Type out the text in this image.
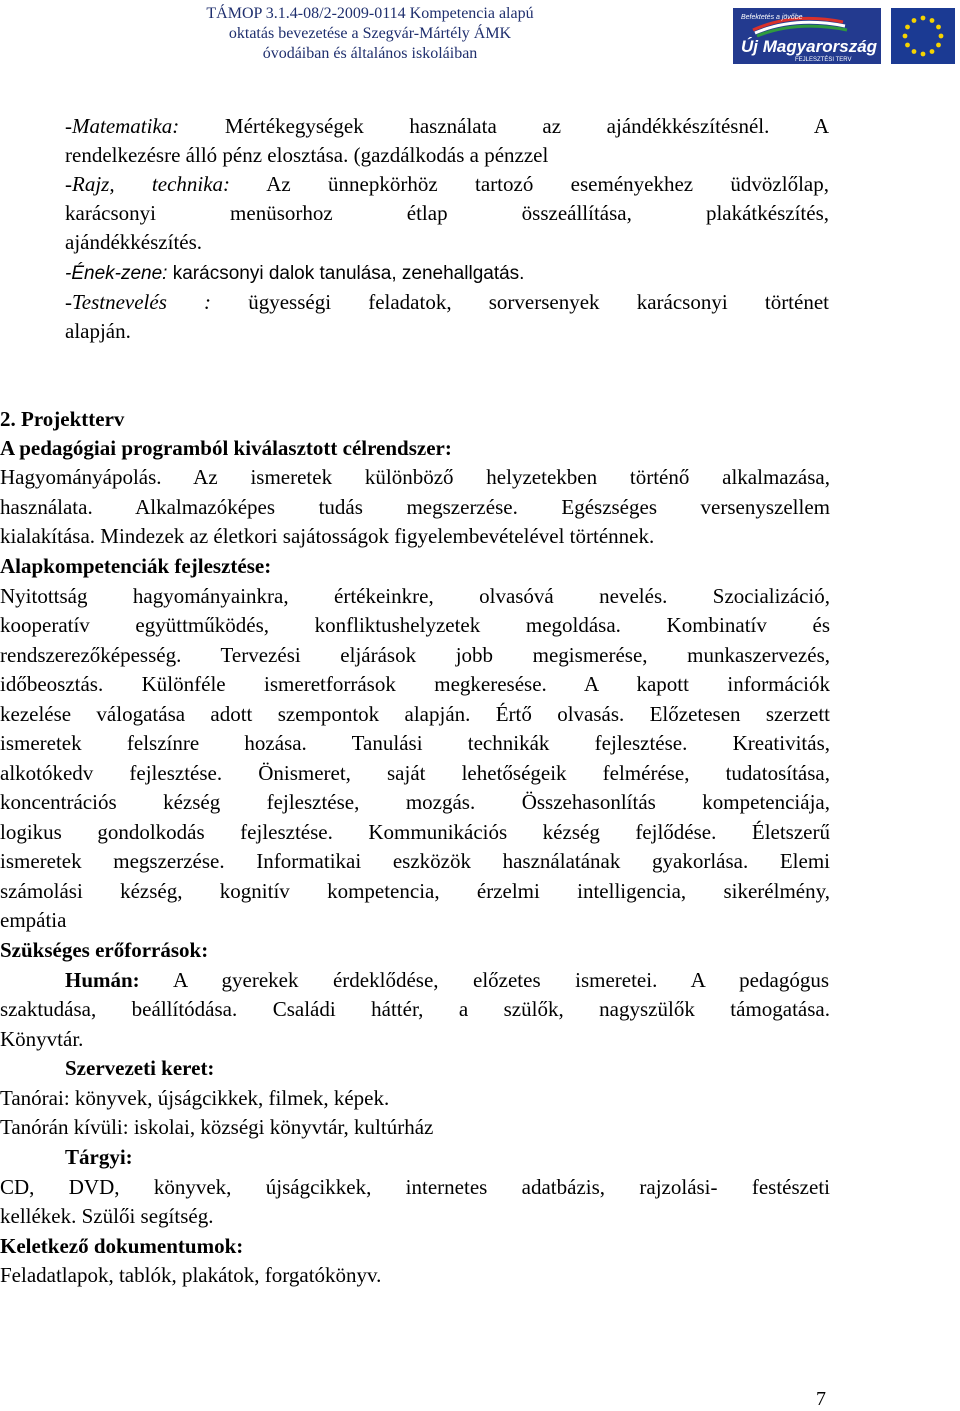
TÁMOP 3.1.4-08/2-2009-0114 Kompetencia alapú
oktatás bevezetése a Szegvár-Mártély ÁMK
óvodáiban és általános iskoláiban
Befektetés a jövőbe
Új Magyarország
FEJLESZTÉSI TERV
-Matematika: Mértékegységek használata az ajándékkészítésnél. A
rendelkezésre álló pénz elosztása. (gazdálkodás a pénzzel
-Rajz, technika: Az ünnepkörhöz tartozó eseményekhez üdvözlőlap,
karácsonyi menüsorhoz étlap összeállítása, plakátkészítés,
ajándékkészítés.
-Ének-zene: karácsonyi dalok tanulása, zenehallgatás.
-Testnevelés : ügyességi feladatok, sorversenyek karácsonyi történet
alapján.
2. Projektterv
A pedagógiai programból kiválasztott célrendszer:
Hagyományápolás. Az ismeretek különböző helyzetekben történő alkalmazása,
használata. Alkalmazóképes tudás megszerzése. Egészséges versenyszellem
kialakítása. Mindezek az életkori sajátosságok figyelembevételével történnek.
Alapkompetenciák fejlesztése:
Nyitottság hagyományainkra, értékeinkre, olvasóvá nevelés. Szocializáció,
kooperatív együttműködés, konfliktushelyzetek megoldása. Kombinatív és
rendszerezőképesség. Tervezési eljárások jobb megismerése, munkaszervezés,
időbeosztás. Különféle ismeretforrások megkeresése. A kapott információk
kezelése válogatása adott szempontok alapján. Értő olvasás. Előzetesen szerzett
ismeretek felszínre hozása. Tanulási technikák fejlesztése. Kreativitás,
alkotókedv fejlesztése. Önismeret, saját lehetőségeik felmérése, tudatosítása,
koncentrációs kézség fejlesztése, mozgás. Összehasonlítás kompetenciája,
logikus gondolkodás fejlesztése. Kommunikációs kézség fejlődése. Életszerű
ismeretek megszerzése. Informatikai eszközök használatának gyakorlása. Elemi
számolási kézség, kognitív kompetencia, érzelmi intelligencia, sikerélmény,
empátia
Szükséges erőforrások:
Humán: A gyerekek érdeklődése, előzetes ismeretei. A pedagógus
szaktudása, beállítódása. Családi háttér, a szülők, nagyszülők támogatása.
Könyvtár.
Szervezeti keret:
Tanórai: könyvek, újságcikkek, filmek, képek.
Tanórán kívüli: iskolai, községi könyvtár, kultúrház
Tárgyi:
CD, DVD, könyvek, újságcikkek, internetes adatbázis, rajzolási- festészeti
kellékek. Szülői segítség.
Keletkező dokumentumok:
Feladatlapok, tablók, plakátok, forgatókönyv.
7
